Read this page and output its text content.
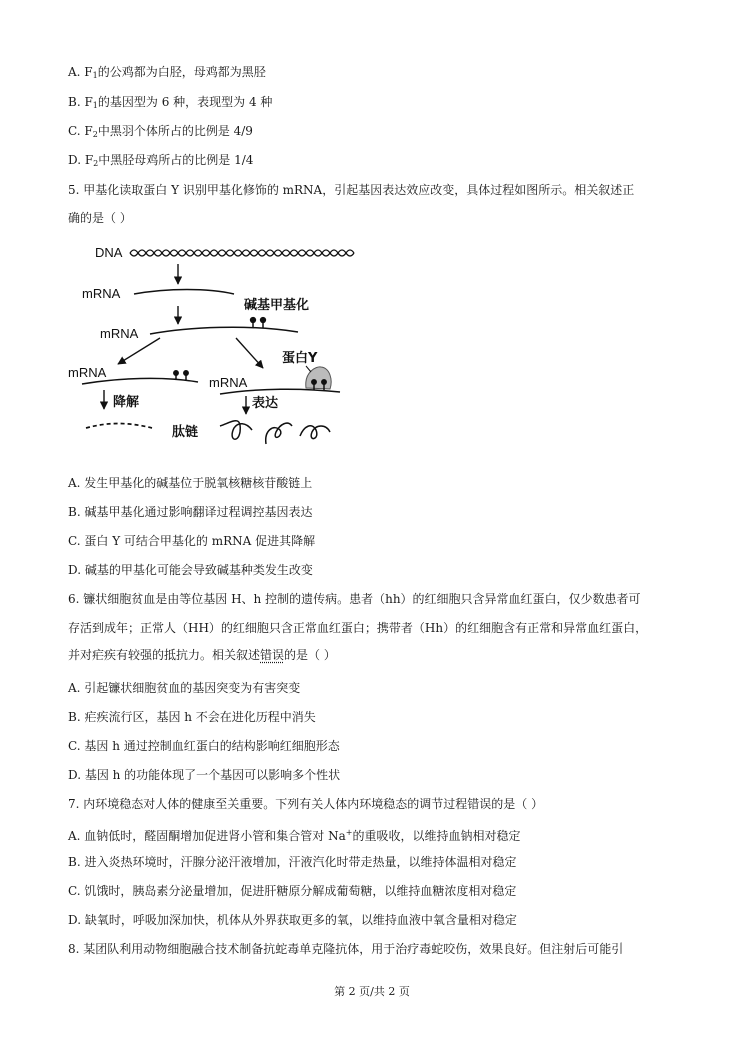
A. $F_1$的公鸡都为白胫，母鸡都为黑胫
B. $F_1$的基因型为 6 种，表现型为 4 种
C. $F_2$中黑羽个体所占的比例是 4/9
D. $F_2$中黑胫母鸡所占的比例是 1/4
5. 甲基化读取蛋白 Y 识别甲基化修饰的 mRNA，引起基因表达效应改变，具体过程如图所示。相关叙述正
确的是（ ）
DNA
mRNA
mRNA
mRNA
mRNA
碱基甲基化
蛋白Y
降解	表达
肽链
A. 发生甲基化的碱基位于脱氧核糖核苷酸链上
B. 碱基甲基化通过影响翻译过程调控基因表达
C. 蛋白 Y 可结合甲基化的 mRNA 促进其降解
D. 碱基的甲基化可能会导致碱基种类发生改变
6. 镰状细胞贫血是由等位基因 H、h 控制的遗传病。患者（hh）的红细胞只含异常血红蛋白，仅少数患者可
存活到成年；正常人（HH）的红细胞只含正常血红蛋白；携带者（Hh）的红细胞含有正常和异常血红蛋白，
并对疟疾有较强的抵抗力。相关叙述错误的是（ ）
A. 引起镰状细胞贫血的基因突变为有害突变
B. 疟疾流行区，基因 h 不会在进化历程中消失
C. 基因 h 通过控制血红蛋白的结构影响红细胞形态
D. 基因 h 的功能体现了一个基因可以影响多个性状
7. 内环境稳态对人体的健康至关重要。下列有关人体内环境稳态的调节过程错误的是（ ）
A. 血钠低时，醛固酮增加促进肾小管和集合管对 Na+的重吸收，以维持血钠相对稳定
B. 进入炎热环境时，汗腺分泌汗液增加，汗液汽化时带走热量，以维持体温相对稳定
C. 饥饿时，胰岛素分泌量增加，促进肝糖原分解成葡萄糖，以维持血糖浓度相对稳定
D. 缺氧时，呼吸加深加快，机体从外界获取更多的氧，以维持血液中氧含量相对稳定
8. 某团队利用动物细胞融合技术制备抗蛇毒单克隆抗体，用于治疗毒蛇咬伤，效果良好。但注射后可能引
第 2 页/共 2 页
